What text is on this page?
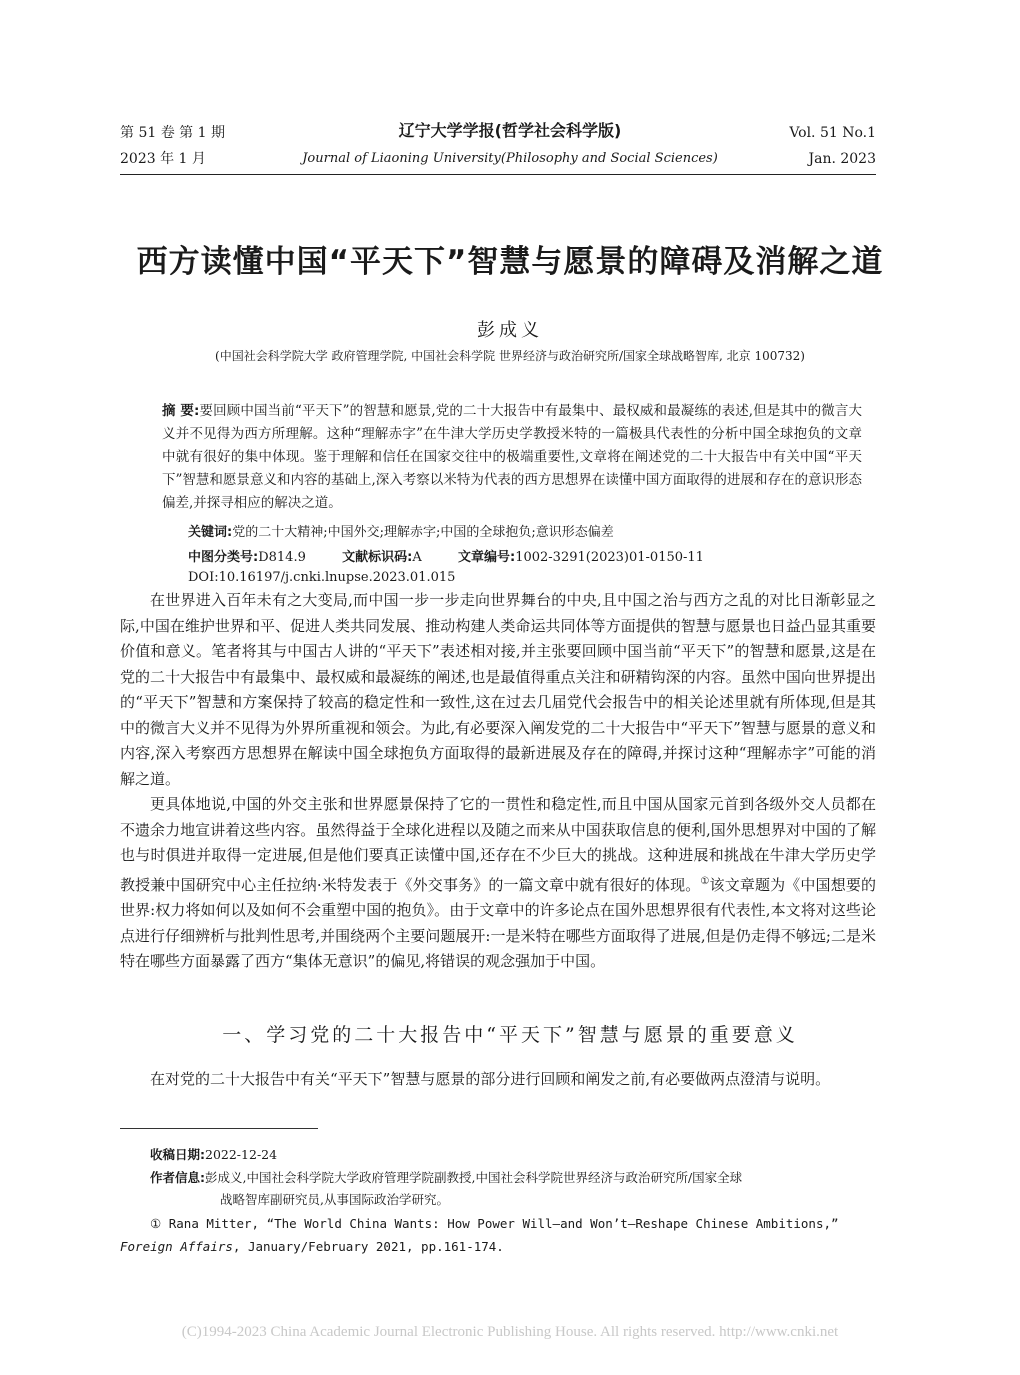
第 51 卷 第 1 期
2023 年 1 月
辽宁大学学报(哲学社会科学版)
Journal of Liaoning University(Philosophy and Social Sciences)
Vol. 51 No.1
Jan. 2023
西方读懂中国“平天下”智慧与愿景的障碍及消解之道
彭成义
(中国社会科学院大学 政府管理学院, 中国社会科学院 世界经济与政治研究所/国家全球战略智库, 北京 100732)
摘 要:要回顾中国当前“平天下”的智慧和愿景,党的二十大报告中有最集中、最权威和最凝练的表述,但是其中的微言大义并不见得为西方所理解。这种“理解赤字”在牛津大学历史学教授米特的一篇极具代表性的分析中国全球抱负的文章中就有很好的集中体现。鉴于理解和信任在国家交往中的极端重要性,文章将在阐述党的二十大报告中有关中国“平天下”智慧和愿景意义和内容的基础上,深入考察以米特为代表的西方思想界在读懂中国方面取得的进展和存在的意识形态偏差,并探寻相应的解决之道。
关键词:党的二十大精神;中国外交;理解赤字;中国的全球抱负;意识形态偏差
中图分类号:D814.9	文献标识码:A	文章编号:1002-3291(2023)01-0150-11
DOI:10.16197/j.cnki.lnupse.2023.01.015

在世界进入百年未有之大变局,而中国一步一步走向世界舞台的中央,且中国之治与西方之乱的对比日渐彰显之际,中国在维护世界和平、促进人类共同发展、推动构建人类命运共同体等方面提供的智慧与愿景也日益凸显其重要价值和意义。笔者将其与中国古人讲的“平天下”表述相对接,并主张要回顾中国当前“平天下”的智慧和愿景,这是在党的二十大报告中有最集中、最权威和最凝练的阐述,也是最值得重点关注和研精钩深的内容。虽然中国向世界提出的“平天下”智慧和方案保持了较高的稳定性和一致性,这在过去几届党代会报告中的相关论述里就有所体现,但是其中的微言大义并不见得为外界所重视和领会。为此,有必要深入阐发党的二十大报告中“平天下”智慧与愿景的意义和内容,深入考察西方思想界在解读中国全球抱负方面取得的最新进展及存在的障碍,并探讨这种“理解赤字”可能的消解之道。

更具体地说,中国的外交主张和世界愿景保持了它的一贯性和稳定性,而且中国从国家元首到各级外交人员都在不遗余力地宣讲着这些内容。虽然得益于全球化进程以及随之而来从中国获取信息的便利,国外思想界对中国的了解也与时俱进并取得一定进展,但是他们要真正读懂中国,还存在不少巨大的挑战。这种进展和挑战在牛津大学历史学教授兼中国研究中心主任拉纳·米特发表于《外交事务》的一篇文章中就有很好的体现。①该文章题为《中国想要的世界:权力将如何以及如何不会重塑中国的抱负》。由于文章中的许多论点在国外思想界很有代表性,本文将对这些论点进行仔细辨析与批判性思考,并围绕两个主要问题展开:一是米特在哪些方面取得了进展,但是仍走得不够远;二是米特在哪些方面暴露了西方“集体无意识”的偏见,将错误的观念强加于中国。

一、学习党的二十大报告中“平天下”智慧与愿景的重要意义

在对党的二十大报告中有关“平天下”智慧与愿景的部分进行回顾和阐发之前,有必要做两点澄清与说明。

收稿日期:2022-12-24
作者信息:彭成义,中国社会科学院大学政府管理学院副教授,中国社会科学院世界经济与政治研究所/国家全球
战略智库副研究员,从事国际政治学研究。
① Rana Mitter, “The World China Wants: How Power Will—and Won’t—Reshape Chinese Ambitions,” Foreign Affairs, January/February 2021, pp.161-174.
(C)1994-2023 China Academic Journal Electronic Publishing House. All rights reserved. http://www.cnki.net
